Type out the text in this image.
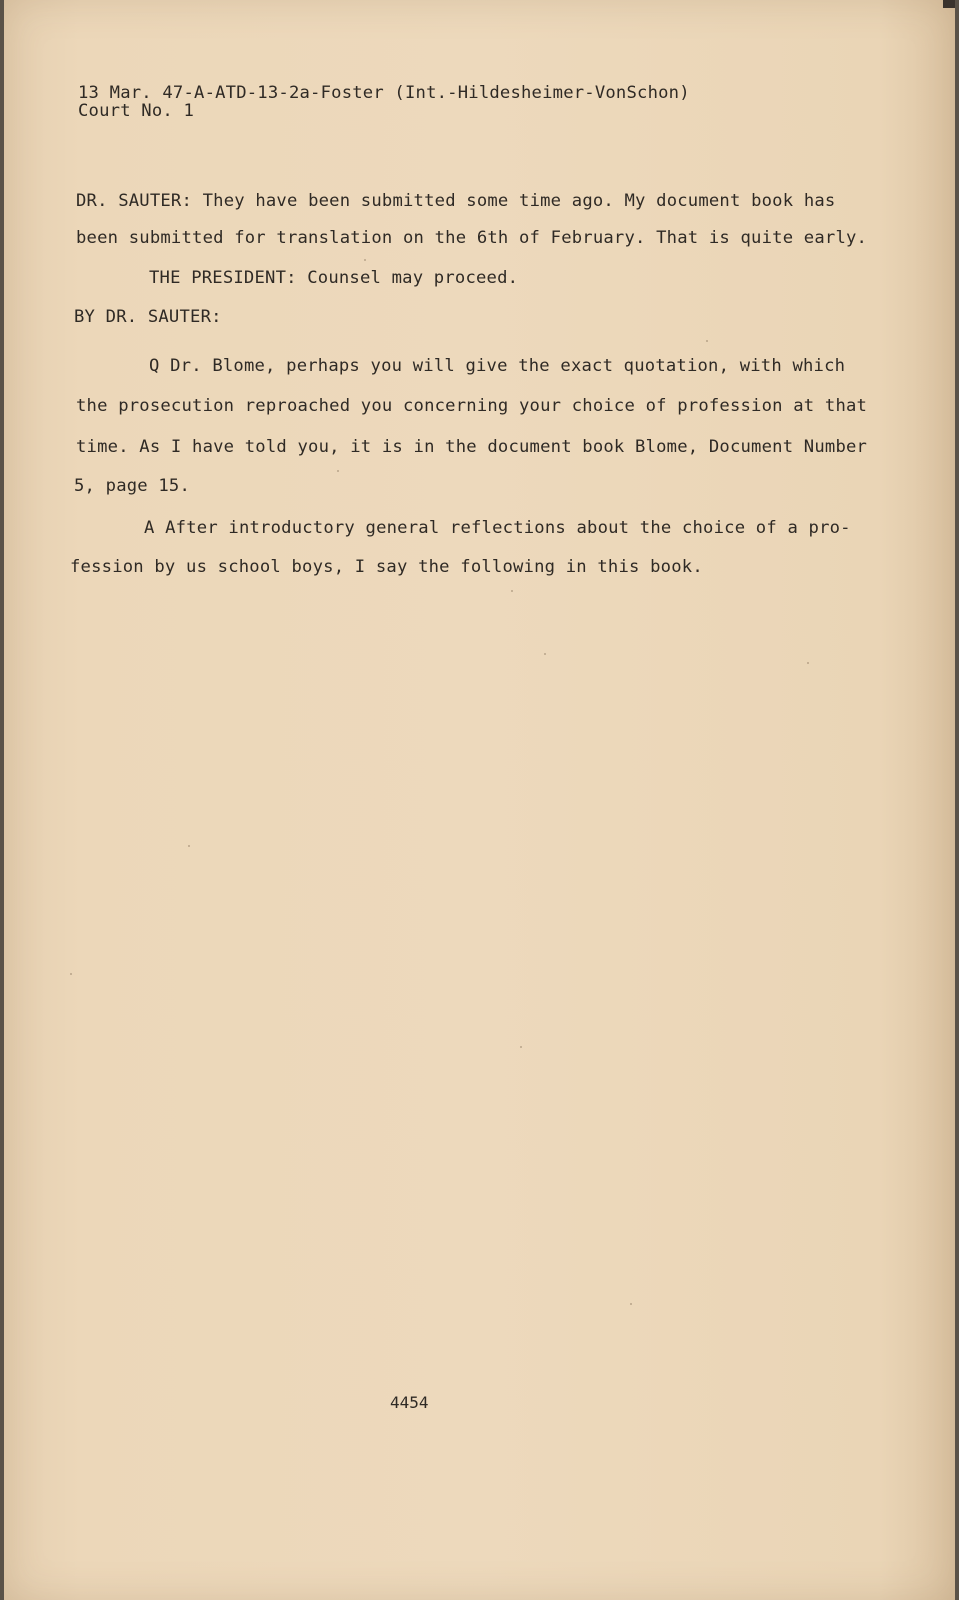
13 Mar. 47-A-ATD-13-2a-Foster (Int.-Hildesheimer-VonSchon)
Court No. 1
DR. SAUTER: They have been submitted some time ago. My document book has
been submitted for translation on the 6th of February. That is quite early.
THE PRESIDENT: Counsel may proceed.
BY DR. SAUTER:
Q Dr. Blome, perhaps you will give the exact quotation, with which
the prosecution reproached you concerning your choice of profession at that
time. As I have told you, it is in the document book Blome, Document Number
5, page 15.
A After introductory general reflections about the choice of a pro-
fession by us school boys, I say the following in this book.
4454
